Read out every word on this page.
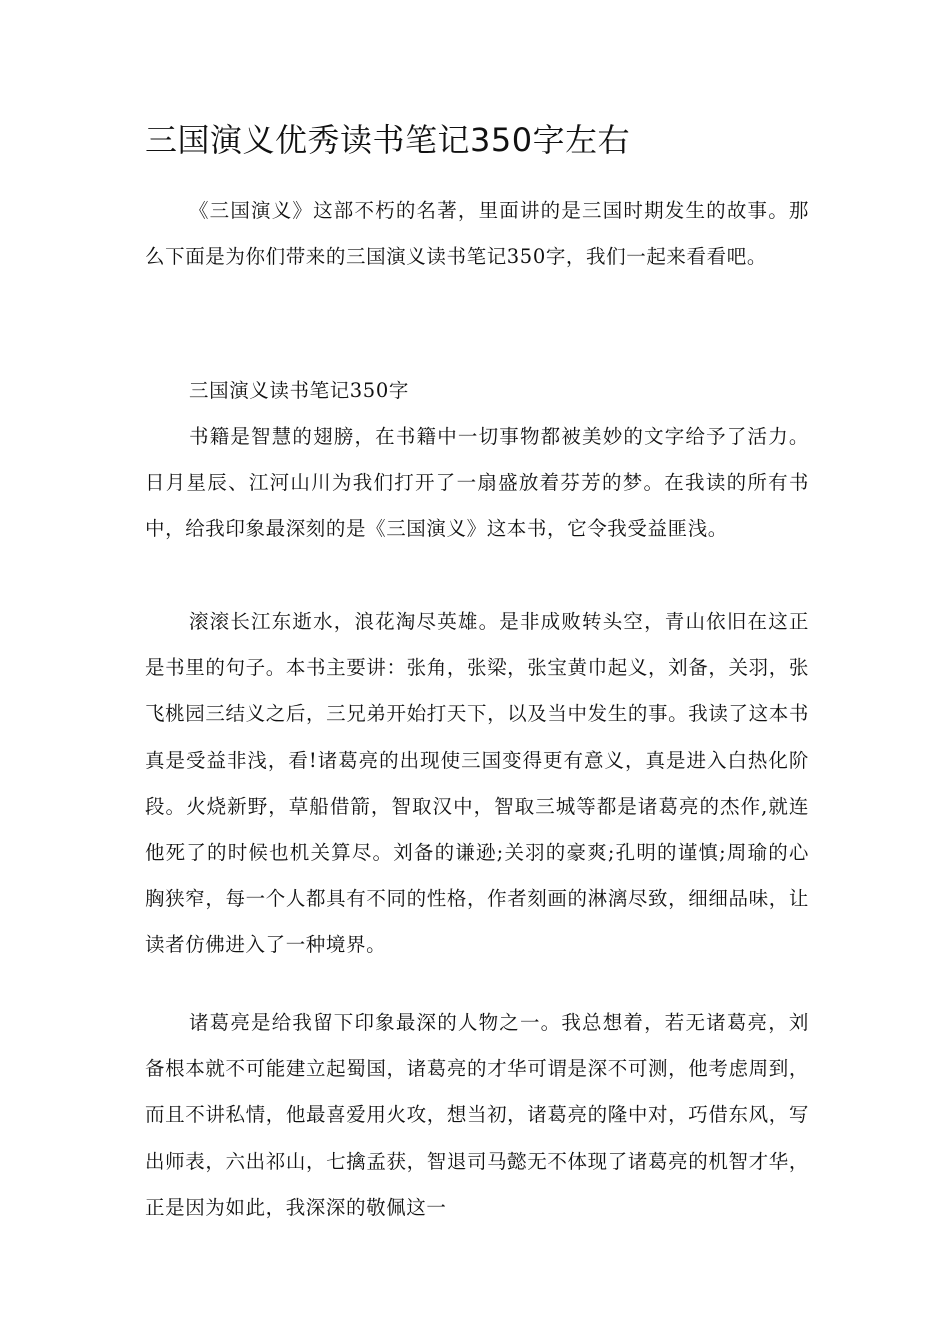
三国演义优秀读书笔记350字左右

《三国演义》这部不朽的名著，里面讲的是三国时期发生的故事。那么下面是为你们带来的三国演义读书笔记350字，我们一起来看看吧。

三国演义读书笔记350字

书籍是智慧的翅膀，在书籍中一切事物都被美妙的文字给予了活力。日月星辰、江河山川为我们打开了一扇盛放着芬芳的梦。在我读的所有书中，给我印象最深刻的是《三国演义》这本书，它令我受益匪浅。

滚滚长江东逝水，浪花淘尽英雄。是非成败转头空，青山依旧在这正是书里的句子。本书主要讲：张角，张梁，张宝黄巾起义，刘备，关羽，张飞桃园三结义之后，三兄弟开始打天下，以及当中发生的事。我读了这本书真是受益非浅，看!诸葛亮的出现使三国变得更有意义，真是进入白热化阶段。火烧新野，草船借箭，智取汉中，智取三城等都是诸葛亮的杰作,就连他死了的时候也机关算尽。刘备的谦逊;关羽的豪爽;孔明的谨慎;周瑜的心胸狭窄，每一个人都具有不同的性格，作者刻画的淋漓尽致，细细品味，让读者仿佛进入了一种境界。

诸葛亮是给我留下印象最深的人物之一。我总想着，若无诸葛亮，刘备根本就不可能建立起蜀国，诸葛亮的才华可谓是深不可测，他考虑周到，而且不讲私情，他最喜爱用火攻，想当初，诸葛亮的隆中对，巧借东风，写出师表，六出祁山，七擒孟获，智退司马懿无不体现了诸葛亮的机智才华，正是因为如此，我深深的敬佩这一
